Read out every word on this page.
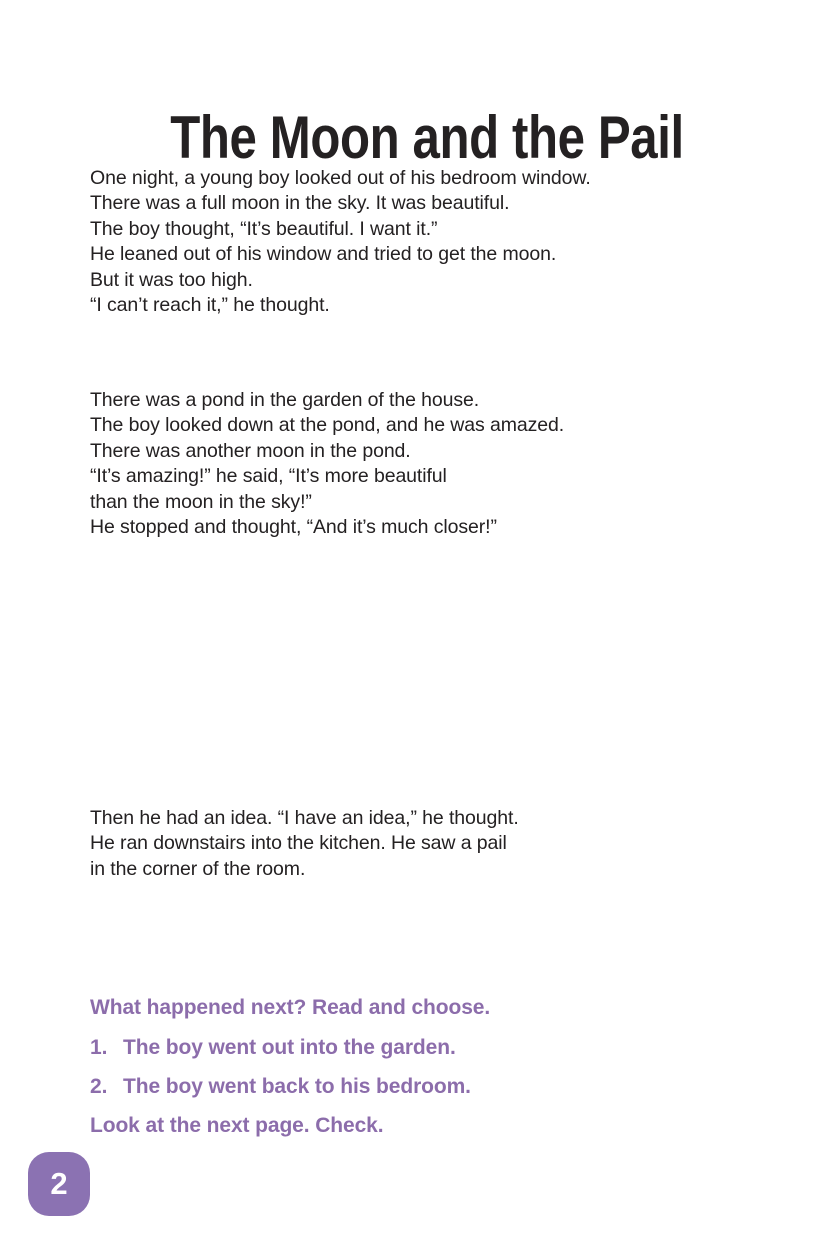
The Moon and the Pail
One night, a young boy looked out of his bedroom window.
There was a full moon in the sky. It was beautiful.
The boy thought, “It’s beautiful. I want it.”
He leaned out of his window and tried to get the moon.
But it was too high.
“I can’t reach it,” he thought.
There was a pond in the garden of the house.
The boy looked down at the pond, and he was amazed.
There was another moon in the pond.
“It’s amazing!” he said, “It’s more beautiful
than the moon in the sky!”
He stopped and thought, “And it’s much closer!”
Then he had an idea. “I have an idea,” he thought.
He ran downstairs into the kitchen. He saw a pail
in the corner of the room.
What happened next? Read and choose.
1. The boy went out into the garden.
2. The boy went back to his bedroom.
Look at the next page. Check.
2
